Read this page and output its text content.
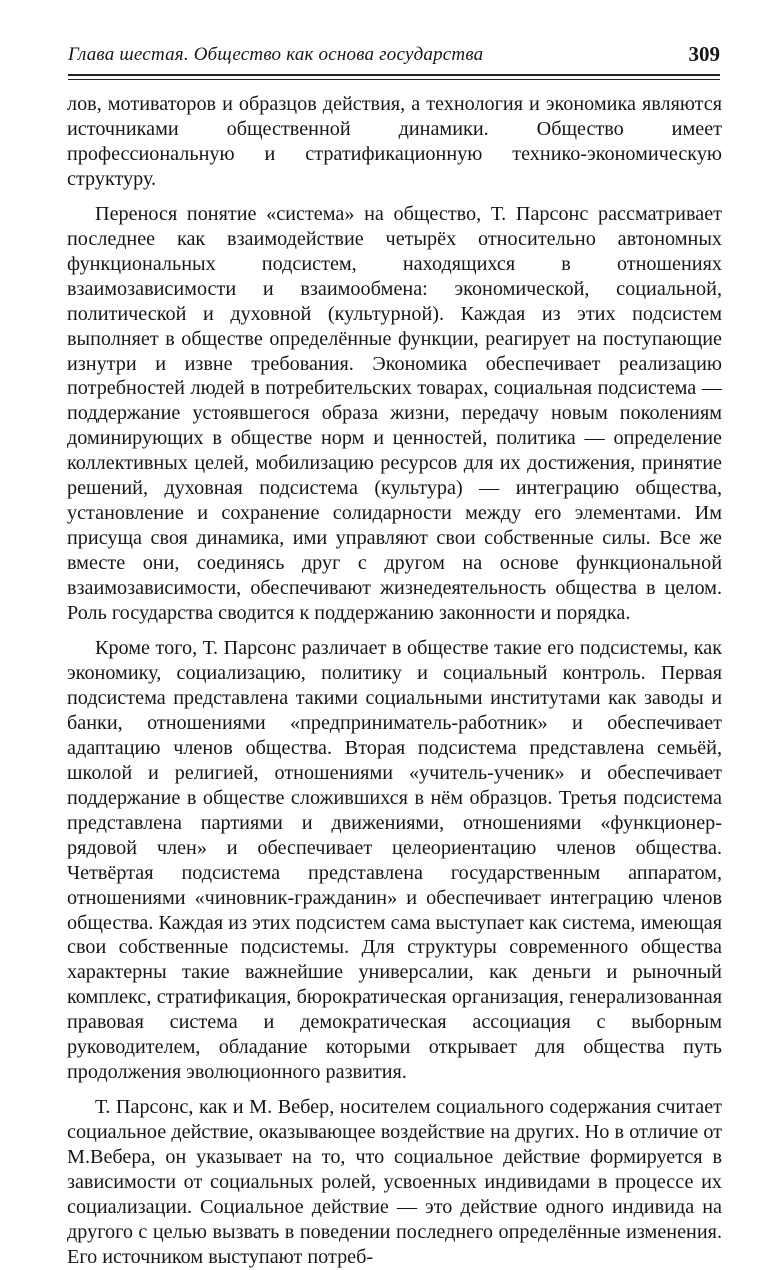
Глава шестая. Общество как основа государства	309

лов, мотиваторов и образцов действия, а технология и экономика являются источниками общественной динамики. Общество имеет профессиональную и стратификационную технико-экономическую структуру.

Перенося понятие «система» на общество, Т. Парсонс рассматривает последнее как взаимодействие четырёх относительно автономных функциональных подсистем, находящихся в отношениях взаимозависимости и взаимообмена: экономической, социальной, политической и духовной (культурной). Каждая из этих подсистем выполняет в обществе определённые функции, реагирует на поступающие изнутри и извне требования. Экономика обеспечивает реализацию потребностей людей в потребительских товарах, социальная подсистема — поддержание устоявшегося образа жизни, передачу новым поколениям доминирующих в обществе норм и ценностей, политика — определение коллективных целей, мобилизацию ресурсов для их достижения, принятие решений, духовная подсистема (культура) — интеграцию общества, установление и сохранение солидарности между его элементами. Им присуща своя динамика, ими управляют свои собственные силы. Все же вместе они, соединясь друг с другом на основе функциональной взаимозависимости, обеспечивают жизнедеятельность общества в целом. Роль государства сводится к поддержанию законности и порядка.

Кроме того, Т. Парсонс различает в обществе такие его подсистемы, как экономику, социализацию, политику и социальный контроль. Первая подсистема представлена такими социальными институтами как заводы и банки, отношениями «предприниматель-работник» и обеспечивает адаптацию членов общества. Вторая подсистема представлена семьёй, школой и религией, отношениями «учитель-ученик» и обеспечивает поддержание в обществе сложившихся в нём образцов. Третья подсистема представлена партиями и движениями, отношениями «функционер-рядовой член» и обеспечивает целеориентацию членов общества. Четвёртая подсистема представлена государственным аппаратом, отношениями «чиновник-гражданин» и обеспечивает интеграцию членов общества. Каждая из этих подсистем сама выступает как система, имеющая свои собственные подсистемы. Для структуры современного общества характерны такие важнейшие универсалии, как деньги и рыночный комплекс, стратификация, бюрократическая организация, генерализованная правовая система и демократическая ассоциация с выборным руководителем, обладание которыми открывает для общества путь продолжения эволюционного развития.

Т. Парсонс, как и М. Вебер, носителем социального содержания считает социальное действие, оказывающее воздействие на других. Но в отличие от М.Вебера, он указывает на то, что социальное действие формируется в зависимости от социальных ролей, усвоенных индивидами в процессе их социализации. Социальное действие — это действие одного индивида на другого с целью вызвать в поведении последнего определённые изменения. Его источником выступают потреб-
